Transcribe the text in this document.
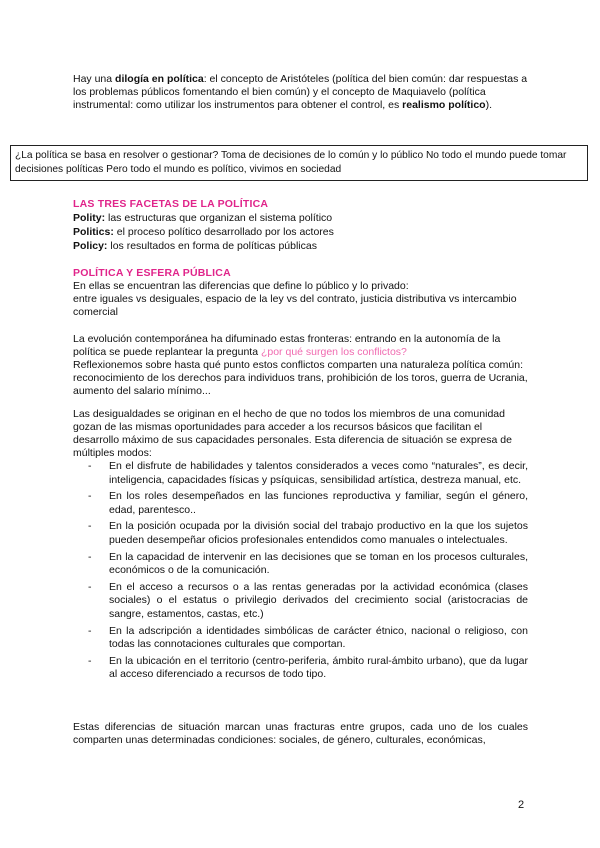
Hay una dilogía en política: el concepto de Aristóteles (política del bien común: dar respuestas a los problemas públicos fomentando el bien común) y el concepto de Maquiavelo (política instrumental: como utilizar los instrumentos para obtener el control, es realismo político).

¿La política se basa en resolver o gestionar? Toma de decisiones de lo común y lo público No todo el mundo puede tomar decisiones políticas Pero todo el mundo es político, vivimos en sociedad

LAS TRES FACETAS DE LA POLÍTICA
Polity: las estructuras que organizan el sistema político
Politics: el proceso político desarrollado por los actores
Policy: los resultados en forma de políticas públicas
POLÍTICA Y ESFERA PÚBLICA

En ellas se encuentran las diferencias que define lo público y lo privado:

entre iguales vs desiguales, espacio de la ley vs del contrato, justicia distributiva vs intercambio comercial

La evolución contemporánea ha difuminado estas fronteras: entrando en la autonomía de la política se puede replantear la pregunta ¿por qué surgen los conflictos?

Reflexionemos sobre hasta qué punto estos conflictos comparten una naturaleza política común: reconocimiento de los derechos para individuos trans, prohibición de los toros, guerra de Ucrania, aumento del salario mínimo...

Las desigualdades se originan en el hecho de que no todos los miembros de una comunidad gozan de las mismas oportunidades para acceder a los recursos básicos que facilitan el desarrollo máximo de sus capacidades personales. Esta diferencia de situación se expresa de múltiples modos:

- En el disfrute de habilidades y talentos considerados a veces como “naturales”, es decir, inteligencia, capacidades físicas y psíquicas, sensibilidad artística, destreza manual, etc.
- En los roles desempeñados en las funciones reproductiva y familiar, según el género, edad, parentesco..
- En la posición ocupada por la división social del trabajo productivo en la que los sujetos pueden desempeñar oficios profesionales entendidos como manuales o intelectuales.
- En la capacidad de intervenir en las decisiones que se toman en los procesos culturales, económicos o de la comunicación.
- En el acceso a recursos o a las rentas generadas por la actividad económica (clases sociales) o el estatus o privilegio derivados del crecimiento social (aristocracias de sangre, estamentos, castas, etc.)
- En la adscripción a identidades simbólicas de carácter étnico, nacional o religioso, con todas las connotaciones culturales que comportan.
- En la ubicación en el territorio (centro-periferia, ámbito rural-ámbito urbano), que da lugar al acceso diferenciado a recursos de todo tipo.

Estas diferencias de situación marcan unas fracturas entre grupos, cada uno de los cuales comparten unas determinadas condiciones: sociales, de género, culturales, económicas,

2
